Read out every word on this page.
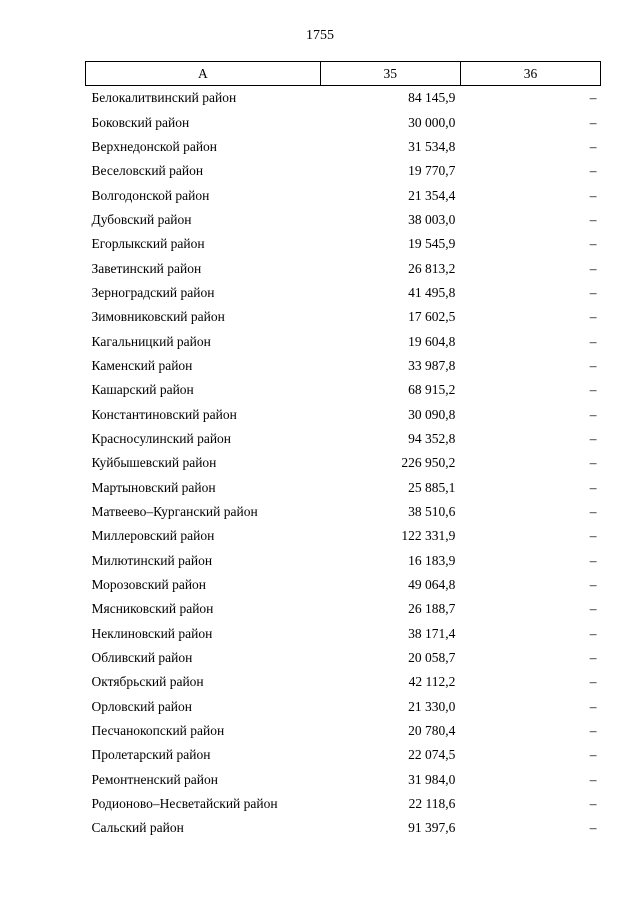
1755
А	35	36
Белокалитвинский район	84 145,9	–
Боковский район	30 000,0	–
Верхнедонской район	31 534,8	–
Веселовский район	19 770,7	–
Волгодонской район	21 354,4	–
Дубовский район	38 003,0	–
Егорлыкский район	19 545,9	–
Заветинский район	26 813,2	–
Зерноградский район	41 495,8	–
Зимовниковский район	17 602,5	–
Кагальницкий район	19 604,8	–
Каменский район	33 987,8	–
Кашарский район	68 915,2	–
Константиновский район	30 090,8	–
Красносулинский район	94 352,8	–
Куйбышевский район	226 950,2	–
Мартыновский район	25 885,1	–
Матвеево–Курганский район	38 510,6	–
Миллеровский район	122 331,9	–
Милютинский район	16 183,9	–
Морозовский район	49 064,8	–
Мясниковский район	26 188,7	–
Неклиновский район	38 171,4	–
Обливский район	20 058,7	–
Октябрьский район	42 112,2	–
Орловский район	21 330,0	–
Песчанокопский район	20 780,4	–
Пролетарский район	22 074,5	–
Ремонтненский район	31 984,0	–
Родионово–Несветайский район	22 118,6	–
Сальский район	91 397,6	–
